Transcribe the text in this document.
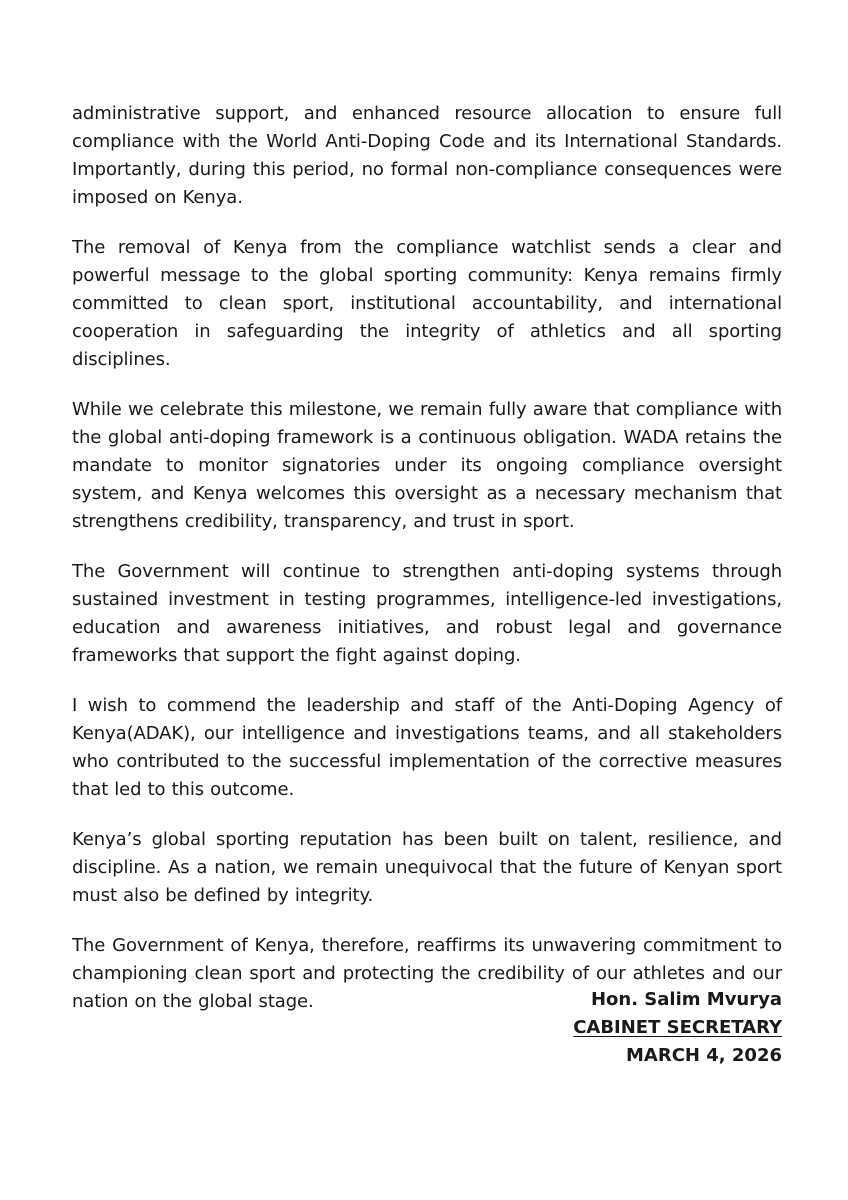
administrative support, and enhanced resource allocation to ensure full compliance with the World Anti-Doping Code and its International Standards. Importantly, during this period, no formal non-compliance consequences were imposed on Kenya.

The removal of Kenya from the compliance watchlist sends a clear and powerful message to the global sporting community: Kenya remains firmly committed to clean sport, institutional accountability, and international cooperation in safeguarding the integrity of athletics and all sporting disciplines.

While we celebrate this milestone, we remain fully aware that compliance with the global anti-doping framework is a continuous obligation. WADA retains the mandate to monitor signatories under its ongoing compliance oversight system, and Kenya welcomes this oversight as a necessary mechanism that strengthens credibility, transparency, and trust in sport.

The Government will continue to strengthen anti-doping systems through sustained investment in testing programmes, intelligence-led investigations, education and awareness initiatives, and robust legal and governance frameworks that support the fight against doping.

I wish to commend the leadership and staff of the Anti-Doping Agency of Kenya(ADAK), our intelligence and investigations teams, and all stakeholders who contributed to the successful implementation of the corrective measures that led to this outcome.

Kenya’s global sporting reputation has been built on talent, resilience, and discipline. As a nation, we remain unequivocal that the future of Kenyan sport must also be defined by integrity.

The Government of Kenya, therefore, reaffirms its unwavering commitment to championing clean sport and protecting the credibility of our athletes and our nation on the global stage.	Hon. Salim Mvurya
CABINET SECRETARY
MARCH 4, 2026
